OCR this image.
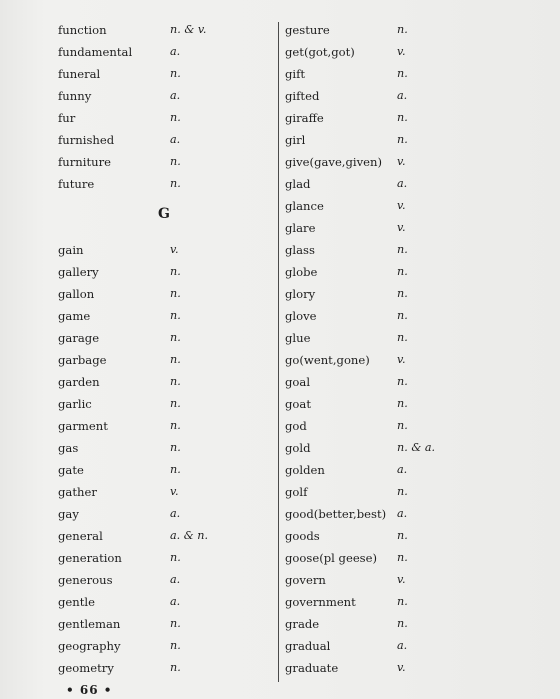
function	n. & v.
fundamental	a.
funeral	n.
funny	a.
fur	n.
furnished	a.
furniture	n.
future	n.
G
gain	v.
gallery	n.
gallon	n.
game	n.
garage	n.
garbage	n.
garden	n.
garlic	n.
garment	n.
gas	n.
gate	n.
gather	v.
gay	a.
general	a. & n.
generation	n.
generous	a.
gentle	a.
gentleman	n.
geography	n.
geometry	n.
gesture	n.
get(got,got)	v.
gift	n.
gifted	a.
giraffe	n.
girl	n.
give(gave,given) v.
glad	a.
glance	v.
glare	v.
glass	n.
globe	n.
glory	n.
glove	n.
glue	n.
go(went,gone) v.
goal	n.
goat	n.
god	n.
gold	n. & a.
golden	a.
golf	n.
good(better,best) a.
goods	n.
goose(pl geese) n.
govern	v.
government	n.
grade	n.
gradual	a.
graduate	v.
• 66 •
